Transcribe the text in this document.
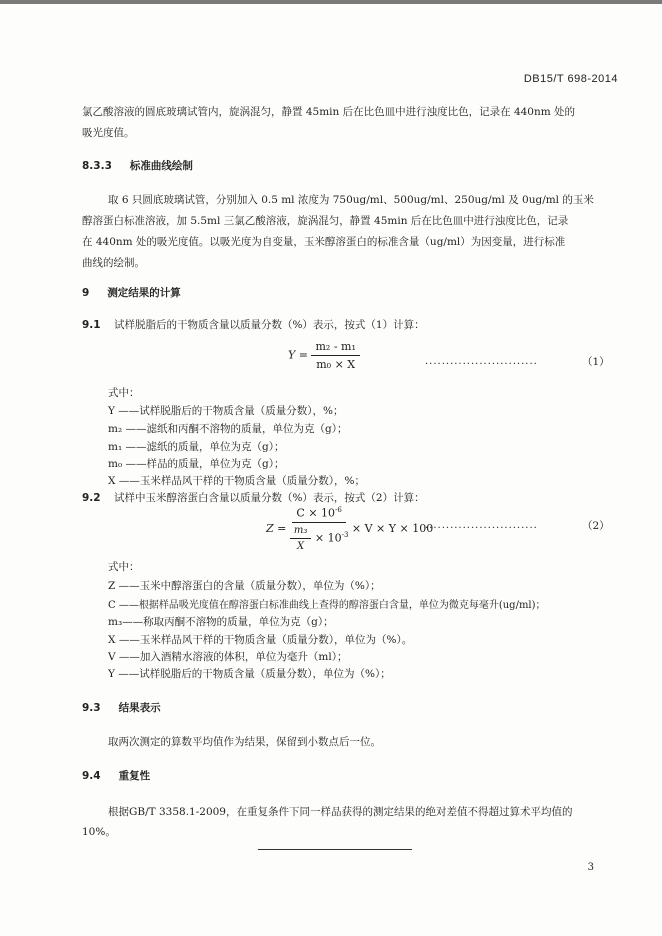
DB15/T 698-2014
氯乙酸溶液的圆底玻璃试管内，旋涡混匀，静置 45min 后在比色皿中进行浊度比色，记录在 440nm 处的
吸光度值。
8.3.3 标准曲线绘制
取 6 只圆底玻璃试管，分别加入 0.5 ml 浓度为 750ug/ml、500ug/ml、250ug/ml 及 0ug/ml 的玉米
醇溶蛋白标准溶液，加 5.5ml 三氯乙酸溶液，旋涡混匀，静置 45min 后在比色皿中进行浊度比色，记录
在 440nm 处的吸光度值。以吸光度为自变量，玉米醇溶蛋白的标准含量（ug/ml）为因变量，进行标准
曲线的绘制。
9 测定结果的计算
9.1 试样脱脂后的干物质含量以质量分数（%）表示，按式（1）计算：
$Y = \frac{\text{m₂ - m₁}}{\text{m₀ × X}}$	...........................	（1）
式中：
Y ——试样脱脂后的干物质含量（质量分数），%；
m₂ ——滤纸和丙酮不溶物的质量，单位为克（g）；
m₁ ——滤纸的质量，单位为克（g）；
m₀ ——样品的质量，单位为克（g）；
X ——玉米样品风干样的干物质含量（质量分数），%；
9.2 试样中玉米醇溶蛋白含量以质量分数（%）表示，按式（2）计算：
$Z = \frac{C \times 10^{-6}}{\frac{\text{m₃}}{X} \times 10^{-3}} \times V \times Y \times 100$
...........................	（2）
式中：
Z ——玉米中醇溶蛋白的含量（质量分数），单位为（%）；
C ——根据样品吸光度值在醇溶蛋白标准曲线上查得的醇溶蛋白含量，单位为微克每毫升(ug/ml)；
m₃——称取丙酮不溶物的质量，单位为克（g）；
X ——玉米样品风干样的干物质含量（质量分数），单位为（%）。
V ——加入酒精水溶液的体积，单位为毫升（ml）；
Y ——试样脱脂后的干物质含量（质量分数），单位为（%）；
9.3 结果表示
取两次测定的算数平均值作为结果，保留到小数点后一位。
9.4 重复性
根据GB/T 3358.1-2009，在重复条件下同一样品获得的测定结果的绝对差值不得超过算术平均值的
10%。
3
